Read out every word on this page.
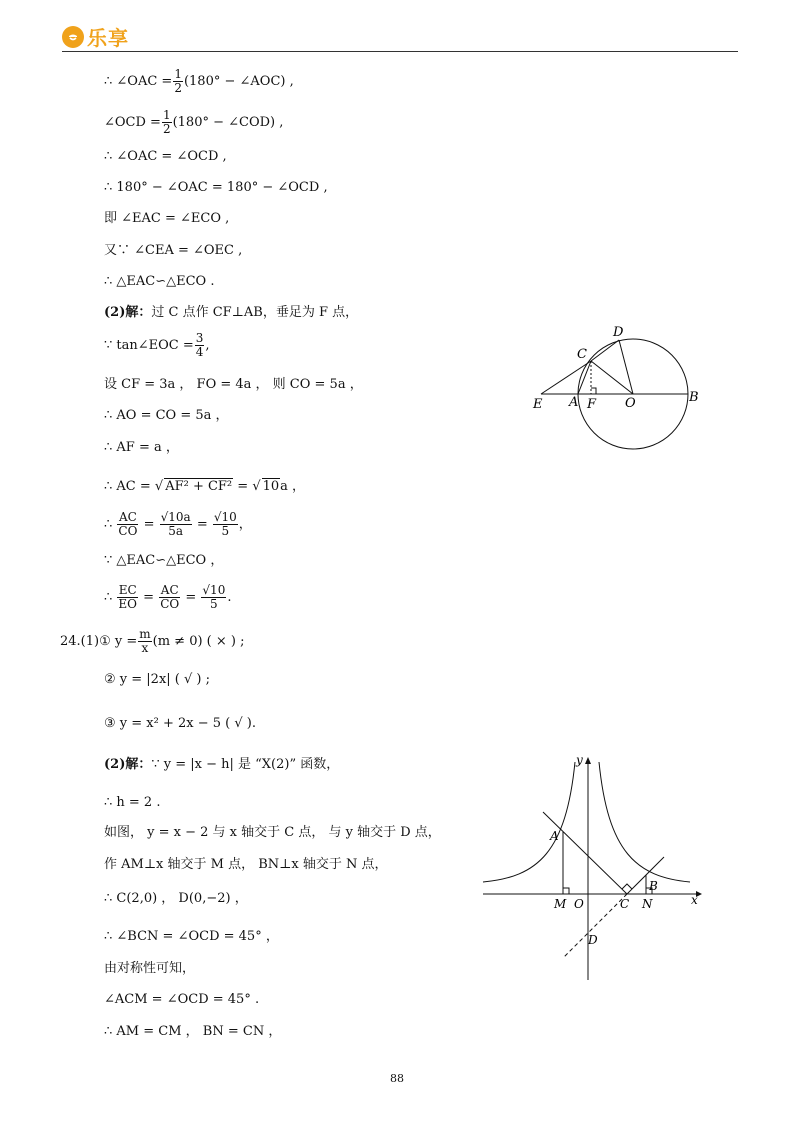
乐享
∴ ∠OAC = $\frac{1}{2} (180^\circ$ − ∠AOC) ,
∠OCD = $\frac{1}{2} (180^\circ$ − ∠COD) ,
∴ ∠OAC = ∠OCD ,
∴ 180° − ∠OAC = 180° − ∠OCD ,
即 ∠EAC = ∠ECO ,
又∵ ∠CEA = ∠OEC ,
∴ △EAC∽△ECO .
(2)解：过 C 点作 CF⊥AB，垂足为 F 点，
∵ tan∠EOC = $\frac{3}{4}$ ,
设 CF = 3a ， FO = 4a ， 则 CO = 5a ，
∴ AO = CO = 5a ，
∴ AF = a ，
∴ AC = √ AF² + CF² = √ 10a ，
∴ $\frac{AC}{CO} = \frac{√10a}{5a} = \frac{√10}{5}$ ，
∵ △EAC∽△ECO ，
∴ $\frac{EC}{EO} = \frac{AC}{CO} = \frac{√10}{5}$ .
24.(1)① $y = \frac{m}{x} (m \ne 0)$ ( × ) ;
② y = |2x| ( √ ) ;
③ y = x² + 2x − 5 ( √ ).
(2)解：∵ y = |x − h| 是 “X(2)” 函数，
∴ h = 2 .
如图， y = x − 2 与 x 轴交于 C 点， 与 y 轴交于 D 点，
作 AM⊥x 轴交于 M 点， BN⊥x 轴交于 N 点，
∴ C(2,0) ， D(0,−2) ，
∴ ∠BCN = ∠OCD = 45° ，
由对称性可知，
∠ACM = ∠OCD = 45° .
∴ AM = CM ， BN = CN ，
D
C
E A F O	B
y
x
A
B
M O	C N
D
88
